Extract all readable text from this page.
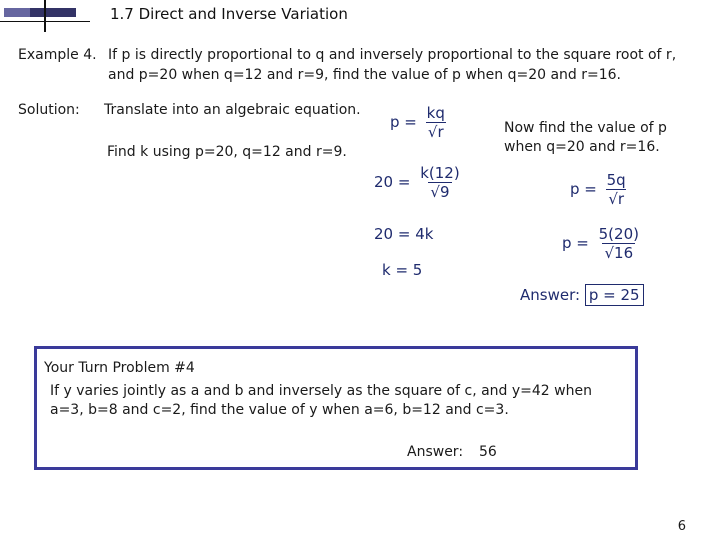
1.7 Direct and Inverse Variation
Example 4. If p is directly proportional to q and inversely proportional to the square root of r,
and p=20 when q=12 and r=9, find the value of p when q=20 and r=16.
Solution: Translate into an algebraic equation.
Find k using p=20, q=12 and r=9.
Now find the value of p
when q=20 and r=16.
$p = \frac{kq}{√r}$
$20 = \frac{k(12)}{√9}$
20 = 4k
k = 5
$p = \frac{5q}{√r}$
$p = \frac{5(20)}{√16}$
Answer: p = 25
Your Turn Problem #4
If y varies jointly as a and b and inversely as the square of c, and y=42 when
a=3, b=8 and c=2, find the value of y when a=6, b=12 and c=3.
Answer: 56
6
